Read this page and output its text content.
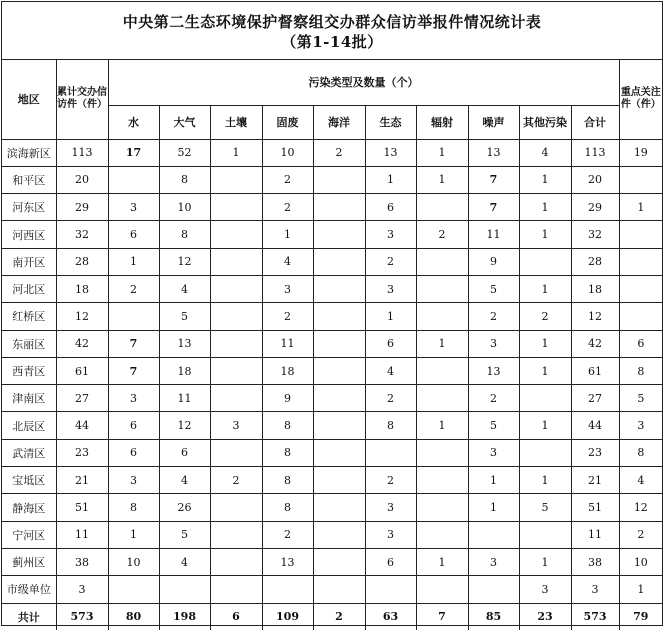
中央第二生态环境保护督察组交办群众信访举报件情况统计表
（第1-14批）
地区	累计交办信访件（件）	污染类型及数量（个）										重点关注件（件）
		水	大气	土壤	固废	海洋	生态	辐射	噪声	其他污染	合计	
滨海新区	113	17	52	1	10	2	13	1	13	4	113	19
和平区	20		8		2		1	1	7	1	20	
河东区	29	3	10		2		6		7	1	29	1
河西区	32	6	8		1		3	2	11	1	32	
南开区	28	1	12		4		2		9		28	
河北区	18	2	4		3		3		5	1	18	
红桥区	12		5		2		1		2	2	12	
东丽区	42	7	13		11		6	1	3	1	42	6
西青区	61	7	18		18		4		13	1	61	8
津南区	27	3	11		9		2		2		27	5
北辰区	44	6	12	3	8		8	1	5	1	44	3
武清区	23	6	6		8				3		23	8
宝坻区	21	3	4	2	8		2		1	1	21	4
静海区	51	8	26		8		3		1	5	51	12
宁河区	11	1	5		2		3				11	2
蓟州区	38	10	4		13		6	1	3	1	38	10
市级单位	3									3	3	1
共计	573	80	198	6	109	2	63	7	85	23	573	79
